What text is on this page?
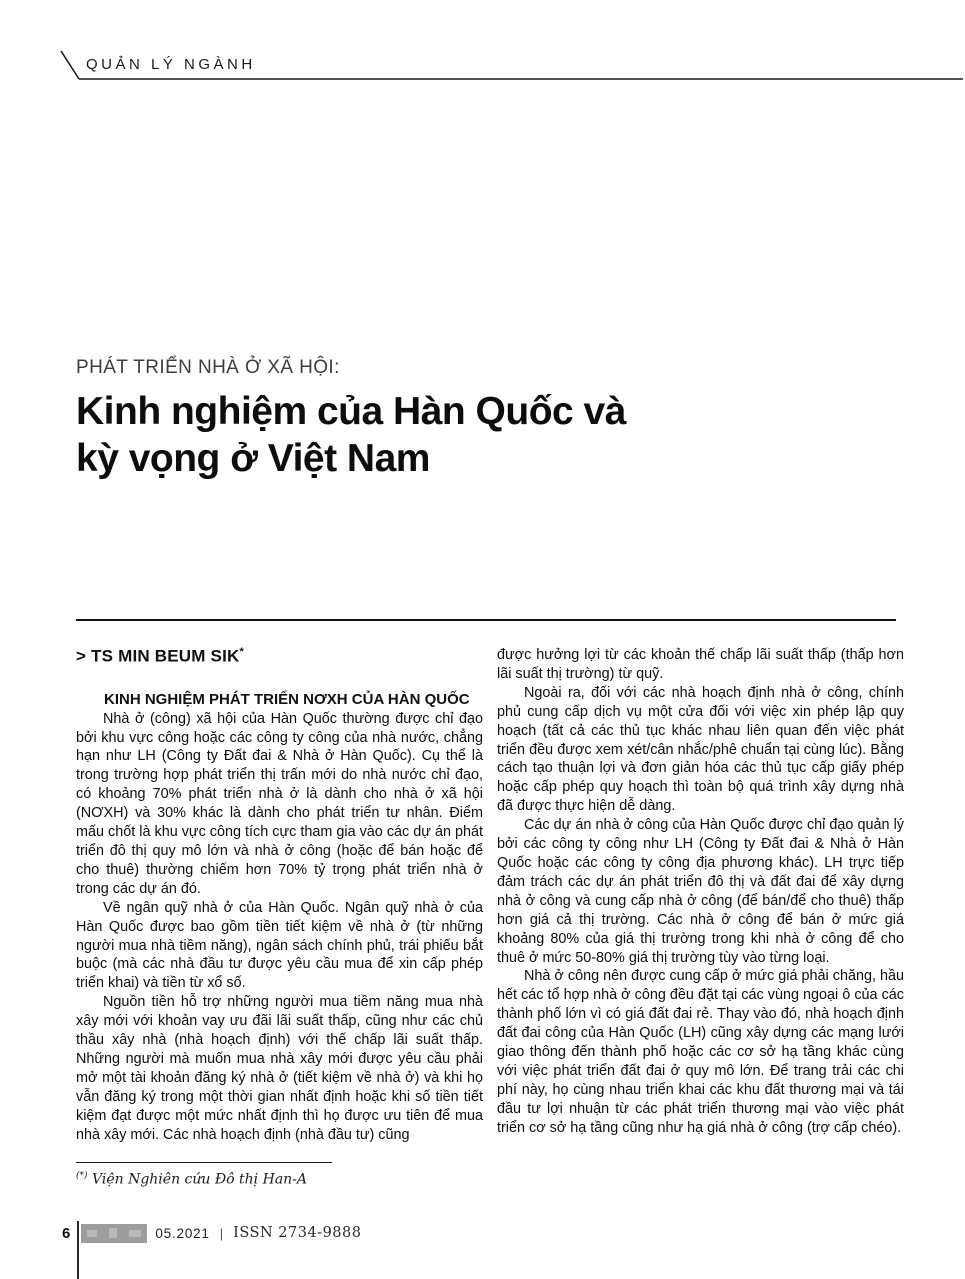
QUẢN LÝ NGÀNH
PHÁT TRIỂN NHÀ Ở XÃ HỘI:
Kinh nghiệm của Hàn Quốc và
kỳ vọng ở Việt Nam
> TS MIN BEUM SIK*
KINH NGHIỆM PHÁT TRIỂN NƠXH CỦA HÀN QUỐC

Nhà ở (công) xã hội của Hàn Quốc thường được chỉ đạo bởi khu vực công hoặc các công ty công của nhà nước, chẳng hạn như LH (Công ty Đất đai & Nhà ở Hàn Quốc). Cụ thể là trong trường hợp phát triển thị trấn mới do nhà nước chỉ đạo, có khoảng 70% phát triển nhà ở là dành cho nhà ở xã hội (NƠXH) và 30% khác là dành cho phát triển tư nhân. Điểm mấu chốt là khu vực công tích cực tham gia vào các dự án phát triển đô thị quy mô lớn và nhà ở công (hoặc để bán hoặc để cho thuê) thường chiếm hơn 70% tỷ trọng phát triển nhà ở trong các dự án đó.

Về ngân quỹ nhà ở của Hàn Quốc. Ngân quỹ nhà ở của Hàn Quốc được bao gồm tiền tiết kiệm về nhà ở (từ những người mua nhà tiềm năng), ngân sách chính phủ, trái phiếu bắt buộc (mà các nhà đầu tư được yêu cầu mua để xin cấp phép triển khai) và tiền từ xổ số.

Nguồn tiền hỗ trợ những người mua tiềm năng mua nhà xây mới với khoản vay ưu đãi lãi suất thấp, cũng như các chủ thầu xây nhà (nhà hoạch định) với thế chấp lãi suất thấp. Những người mà muốn mua nhà xây mới được yêu cầu phải mở một tài khoản đăng ký nhà ở (tiết kiệm về nhà ở) và khi họ vẫn đăng ký trong một thời gian nhất định hoặc khi số tiền tiết kiệm đạt được một mức nhất định thì họ được ưu tiên để mua nhà xây mới. Các nhà hoạch định (nhà đầu tư) cũng

được hưởng lợi từ các khoản thế chấp lãi suất thấp (thấp hơn lãi suất thị trường) từ quỹ.

Ngoài ra, đối với các nhà hoạch định nhà ở công, chính phủ cung cấp dịch vụ một cửa đối với việc xin phép lập quy hoạch (tất cả các thủ tục khác nhau liên quan đến việc phát triển đều được xem xét/cân nhắc/phê chuẩn tại cùng lúc). Bằng cách tạo thuận lợi và đơn giản hóa các thủ tục cấp giấy phép hoặc cấp phép quy hoạch thì toàn bộ quá trình xây dựng nhà đã được thực hiện dễ dàng.

Các dự án nhà ở công của Hàn Quốc được chỉ đạo quản lý bởi các công ty công như LH (Công ty Đất đai & Nhà ở Hàn Quốc hoặc các công ty công địa phương khác). LH trực tiếp đảm trách các dự án phát triển đô thị và đất đai để xây dựng nhà ở công và cung cấp nhà ở công (để bán/để cho thuê) thấp hơn giá cả thị trường. Các nhà ở công để bán ở mức giá khoảng 80% của giá thị trường trong khi nhà ở công để cho thuê ở mức 50-80% giá thị trường tùy vào từng loại.

Nhà ở công nên được cung cấp ở mức giá phải chăng, hầu hết các tổ hợp nhà ở công đều đặt tại các vùng ngoại ô của các thành phố lớn vì có giá đất đai rẻ. Thay vào đó, nhà hoạch định đất đai công của Hàn Quốc (LH) cũng xây dựng các mạng lưới giao thông đến thành phố hoặc các cơ sở hạ tầng khác cùng với việc phát triển đất đai ở quy mô lớn. Để trang trải các chi phí này, họ cùng nhau triển khai các khu đất thương mại và tái đầu tư lợi nhuận từ các phát triển thương mại vào việc phát triển cơ sở hạ tầng cũng như hạ giá nhà ở công (trợ cấp chéo).

(*) Viện Nghiên cứu Đô thị Han-A
6	05.2021 | ISSN 2734-9888
